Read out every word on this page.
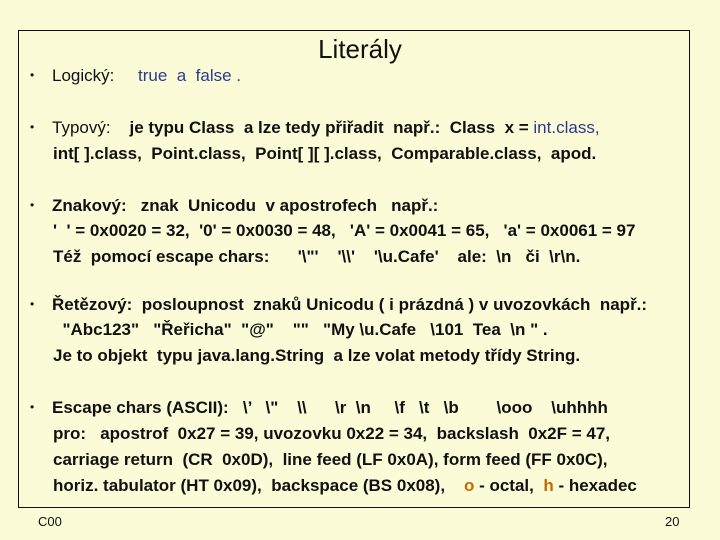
Literály
• Logický: true  a  false .
• Typový: je typu Class  a lze tedy přiřadit  např.:  Class  x = int.class,
int[ ].class,  Point.class,  Point[ ][ ].class,  Comparable.class,  apod.
• Znakový:   znak  Unicodu  v apostrofech   např.:
'  ' = 0x0020 = 32,  '0' = 0x0030 = 48,   'A' = 0x0041 = 65,   'a' = 0x0061 = 97
Též  pomocí escape chars:      '\"'    '\\'    '\u.Cafe'    ale:  \n   či  \r\n.
• Řetězový:  posloupnost  znaků Unicodu ( i prázdná ) v uvozovkách  např.:
"Abc123"   "Řeřicha"  "@"    ""   "My \u.Cafe   \101  Tea  \n " .
Je to objekt  typu java.lang.String  a lze volat metody třídy String.
• Escape chars (ASCII):   \’   \"    \\      \r  \n     \f   \t   \b        \ooo    \uhhhh
pro:   apostrof  0x27 = 39, uvozovku 0x22 = 34,  backslash  0x2F = 47,
carriage return  (CR  0x0D),  line feed (LF 0x0A), form feed (FF 0x0C),
horiz. tabulator (HT 0x09),  backspace (BS 0x08),    o - octal,  h - hexadec
C00	20
